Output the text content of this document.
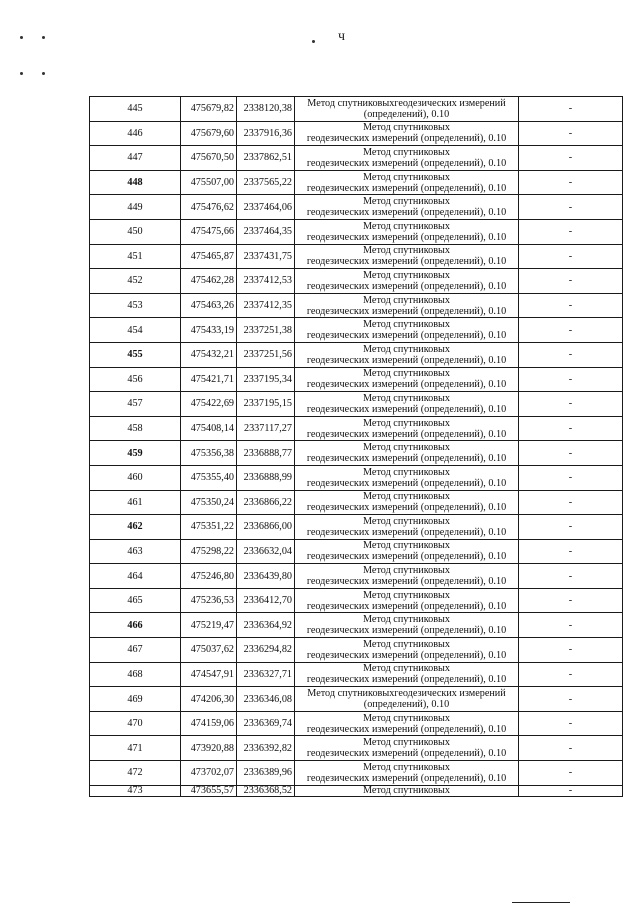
ч
445	475679,82	2338120,38	Метод спутниковыхгеодезических измерений
(определений), 0.10	-
446	475679,60	2337916,36	Метод спутниковых
геодезических измерений (определений), 0.10	-
447	475670,50	2337862,51	Метод спутниковых
геодезических измерений (определений), 0.10	-
448	475507,00	2337565,22	Метод спутниковых
геодезических измерений (определений), 0.10	-
449	475476,62	2337464,06	Метод спутниковых
геодезических измерений (определений), 0.10	-
450	475475,66	2337464,35	Метод спутниковых
геодезических измерений (определений), 0.10	-
451	475465,87	2337431,75	Метод спутниковых
геодезических измерений (определений), 0.10	-
452	475462,28	2337412,53	Метод спутниковых
геодезических измерений (определений), 0.10	-
453	475463,26	2337412,35	Метод спутниковых
геодезических измерений (определений), 0.10	-
454	475433,19	2337251,38	Метод спутниковых
геодезических измерений (определений), 0.10	-
455	475432,21	2337251,56	Метод спутниковых
геодезических измерений (определений), 0.10	-
456	475421,71	2337195,34	Метод спутниковых
геодезических измерений (определений), 0.10	-
457	475422,69	2337195,15	Метод спутниковых
геодезических измерений (определений), 0.10	-
458	475408,14	2337117,27	Метод спутниковых
геодезических измерений (определений), 0.10	-
459	475356,38	2336888,77	Метод спутниковых
геодезических измерений (определений), 0.10	-
460	475355,40	2336888,99	Метод спутниковых
геодезических измерений (определений), 0.10	-
461	475350,24	2336866,22	Метод спутниковых
геодезических измерений (определений), 0.10	-
462	475351,22	2336866,00	Метод спутниковых
геодезических измерений (определений), 0.10	-
463	475298,22	2336632,04	Метод спутниковых
геодезических измерений (определений), 0.10	-
464	475246,80	2336439,80	Метод спутниковых
геодезических измерений (определений), 0.10	-
465	475236,53	2336412,70	Метод спутниковых
геодезических измерений (определений), 0.10	-
466	475219,47	2336364,92	Метод спутниковых
геодезических измерений (определений), 0.10	-
467	475037,62	2336294,82	Метод спутниковых
геодезических измерений (определений), 0.10	-
468	474547,91	2336327,71	Метод спутниковых
геодезических измерений (определений), 0.10	-
469	474206,30	2336346,08	Метод спутниковыхгеодезических измерений
(определений), 0.10	-
470	474159,06	2336369,74	Метод спутниковых
геодезических измерений (определений), 0.10	-
471	473920,88	2336392,82	Метод спутниковых
геодезических измерений (определений), 0.10	-
472	473702,07	2336389,96	Метод спутниковых
геодезических измерений (определений), 0.10	-
473	473655,57	2336368,52	Метод спутниковых	-
